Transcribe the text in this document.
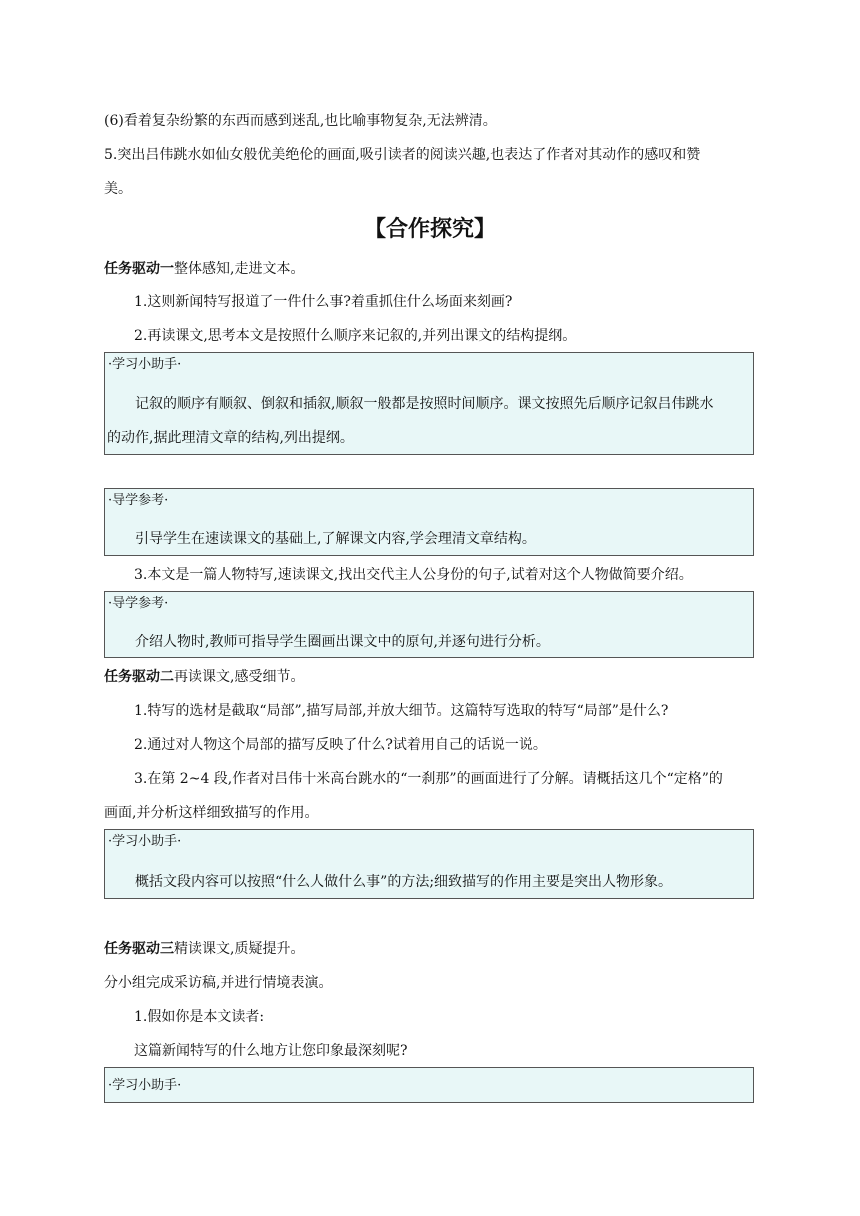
(6)看着复杂纷繁的东西而感到迷乱,也比喻事物复杂,无法辨清。
5.突出吕伟跳水如仙女般优美绝伦的画面,吸引读者的阅读兴趣,也表达了作者对其动作的感叹和赞
美。
【合作探究】
任务驱动一整体感知,走进文本。
1.这则新闻特写报道了一件什么事?着重抓住什么场面来刻画?
2.再读课文,思考本文是按照什么顺序来记叙的,并列出课文的结构提纲。
·学习小助手·
记叙的顺序有顺叙、倒叙和插叙,顺叙一般都是按照时间顺序。课文按照先后顺序记叙吕伟跳水
的动作,据此理清文章的结构,列出提纲。
·导学参考·
引导学生在速读课文的基础上,了解课文内容,学会理清文章结构。
3.本文是一篇人物特写,速读课文,找出交代主人公身份的句子,试着对这个人物做简要介绍。
·导学参考·
介绍人物时,教师可指导学生圈画出课文中的原句,并逐句进行分析。
任务驱动二再读课文,感受细节。
1.特写的选材是截取“局部”,描写局部,并放大细节。这篇特写选取的特写“局部”是什么?
2.通过对人物这个局部的描写反映了什么?试着用自己的话说一说。
3.在第 2~4 段,作者对吕伟十米高台跳水的“一刹那”的画面进行了分解。请概括这几个“定格”的
画面,并分析这样细致描写的作用。
·学习小助手·
概括文段内容可以按照“什么人做什么事”的方法;细致描写的作用主要是突出人物形象。
任务驱动三精读课文,质疑提升。
分小组完成采访稿,并进行情境表演。
1.假如你是本文读者:
这篇新闻特写的什么地方让您印象最深刻呢?
·学习小助手·
